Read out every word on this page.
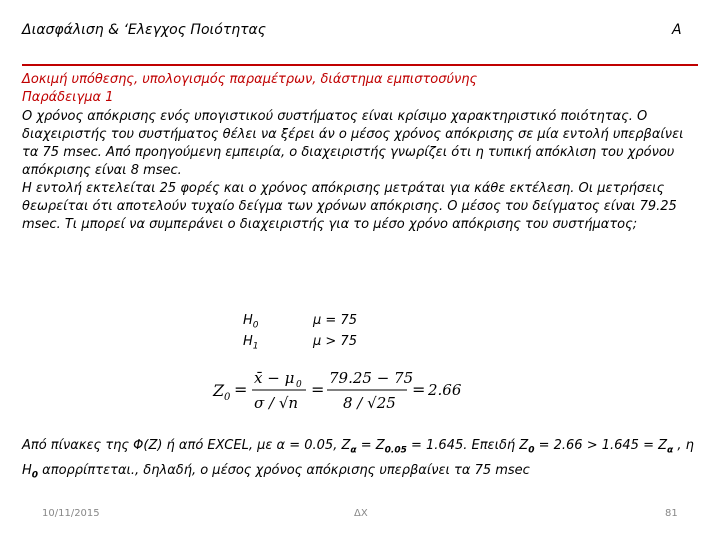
Διασφάλιση & ‘Ελεγχος Ποιότητας	Α
Δοκιμή υπόθεσης, υπολογισμός παραμέτρων, διάστημα εμπιστοσύνης
Παράδειγμα 1

Ο χρόνος απόκρισης ενός υπογιστικού συστήματος είναι κρίσιμο χαρακτηριστικό ποιότητας. Ο διαχειριστής του συστήματος θέλει να ξέρει άν ο μέσος χρόνος απόκρισης σε μία εντολή υπερβαίνει τα 75 msec. Από προηγούμενη εμπειρία, ο διαχειριστής γνωρίζει ότι η τυπική απόκλιση του χρόνου απόκρισης είναι 8 msec.

Η εντολή εκτελείται 25 φορές και ο χρόνος απόκρισης μετράται για κάθε εκτέλεση. Οι μετρήσεις θεωρείται ότι αποτελούν τυχαίο δείγμα των χρόνων απόκρισης. Ο μέσος του δείγματος είναι 79.25 msec. Τι μπορεί να συμπεράνει ο διαχειριστής για το μέσο χρόνο απόκρισης του συστήματος;

$H_0$	μ = 75
$H_1$	μ > 75
Z 0 =
x̄ − μ 0
σ / √n
=
79.25 − 75
8 / √25
= 2.66
Από πίνακες της Φ(Z) ή από EXCEL, με α = 0.05, $Z_\alpha = Z_{0.05} = 1.645$. Επειδή $Z_0 = 2.66 > 1.645 = Z_\alpha$ , η $H_0$ απορρίπτεται., δηλαδή, ο μέσος χρόνος απόκρισης υπερβαίνει τα 75 msec
10/11/2015	ΔΧ	81
